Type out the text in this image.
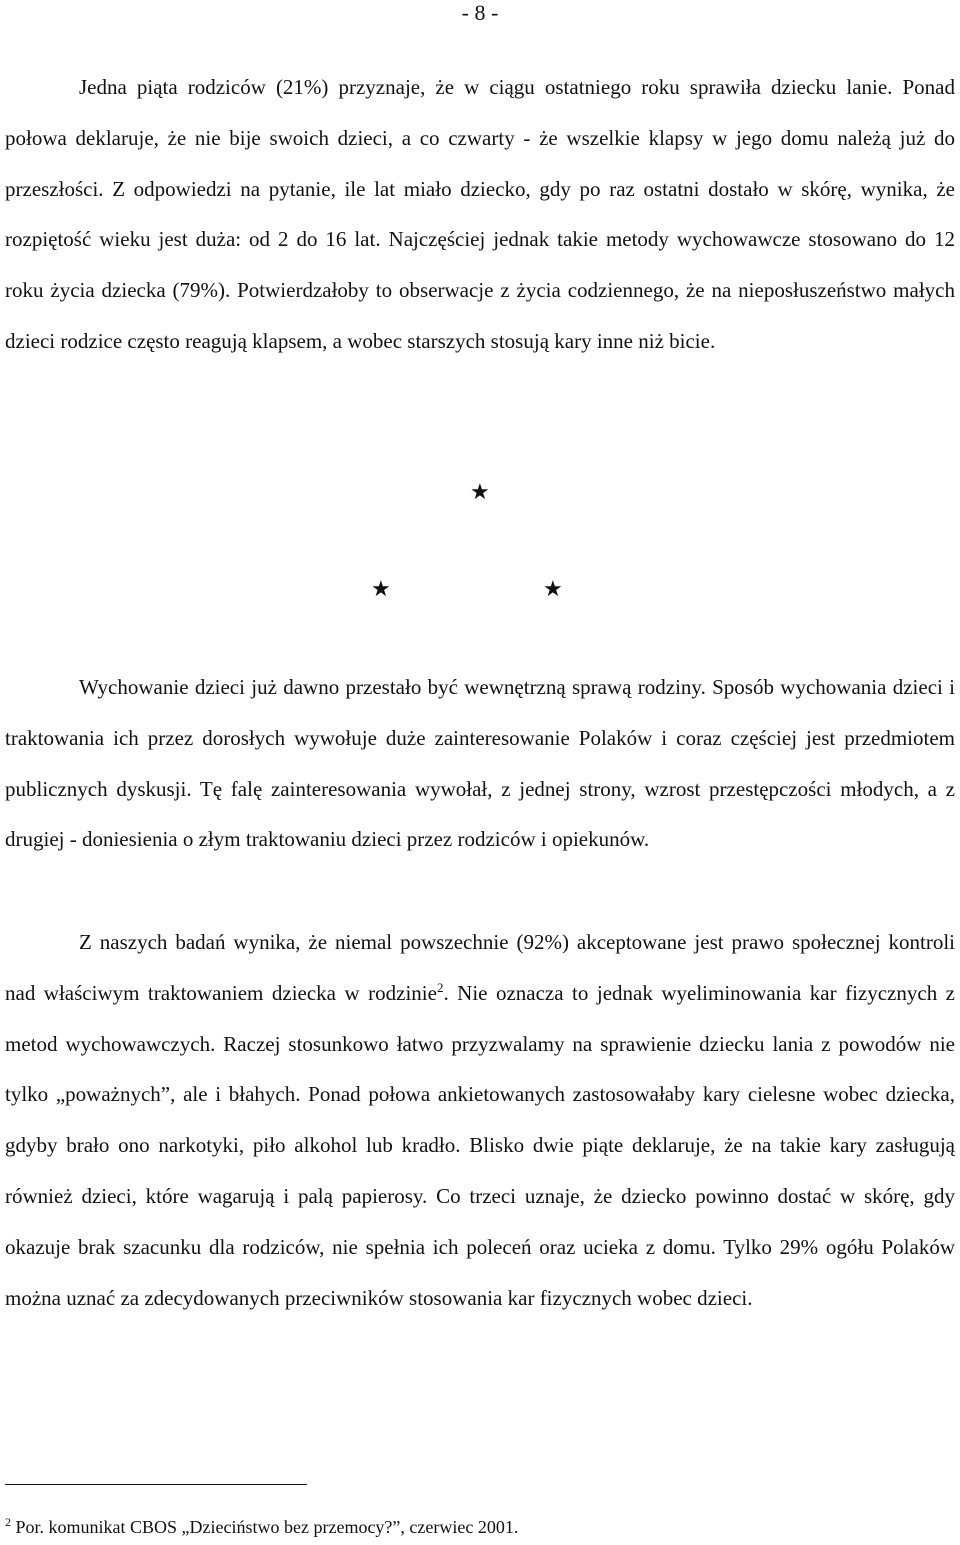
- 8 -

Jedna piąta rodziców (21%) przyznaje, że w ciągu ostatniego roku sprawiła dziecku lanie. Ponad połowa deklaruje, że nie bije swoich dzieci, a co czwarty - że wszelkie klapsy w jego domu należą już do przeszłości. Z odpowiedzi na pytanie, ile lat miało dziecko, gdy po raz ostatni dostało w skórę, wynika, że rozpiętość wieku jest duża: od 2 do 16 lat. Najczęściej jednak takie metody wychowawcze stosowano do 12 roku życia dziecka (79%). Potwierdzałoby to obserwacje z życia codziennego, że na nieposłuszeństwo małych dzieci rodzice często reagują klapsem, a wobec starszych stosują kary inne niż bicie.

★
★	★

Wychowanie dzieci już dawno przestało być wewnętrzną sprawą rodziny. Sposób wychowania dzieci i traktowania ich przez dorosłych wywołuje duże zainteresowanie Polaków i coraz częściej jest przedmiotem publicznych dyskusji. Tę falę zainteresowania wywołał, z jednej strony, wzrost przestępczości młodych, a z drugiej - doniesienia o złym traktowaniu dzieci przez rodziców i opiekunów.

Z naszych badań wynika, że niemal powszechnie (92%) akceptowane jest prawo społecznej kontroli nad właściwym traktowaniem dziecka w rodzinie$^2$. Nie oznacza to jednak wyeliminowania kar fizycznych z metod wychowawczych. Raczej stosunkowo łatwo przyzwalamy na sprawienie dziecku lania z powodów nie tylko „poważnych”, ale i błahych. Ponad połowa ankietowanych zastosowałaby kary cielesne wobec dziecka, gdyby brało ono narkotyki, piło alkohol lub kradło. Blisko dwie piąte deklaruje, że na takie kary zasługują również dzieci, które wagarują i palą papierosy. Co trzeci uznaje, że dziecko powinno dostać w skórę, gdy okazuje brak szacunku dla rodziców, nie spełnia ich poleceń oraz ucieka z domu. Tylko 29% ogółu Polaków można uznać za zdecydowanych przeciwników stosowania kar fizycznych wobec dzieci.

$^2$ Por. komunikat CBOS „Dzieciństwo bez przemocy?”, czerwiec 2001.
